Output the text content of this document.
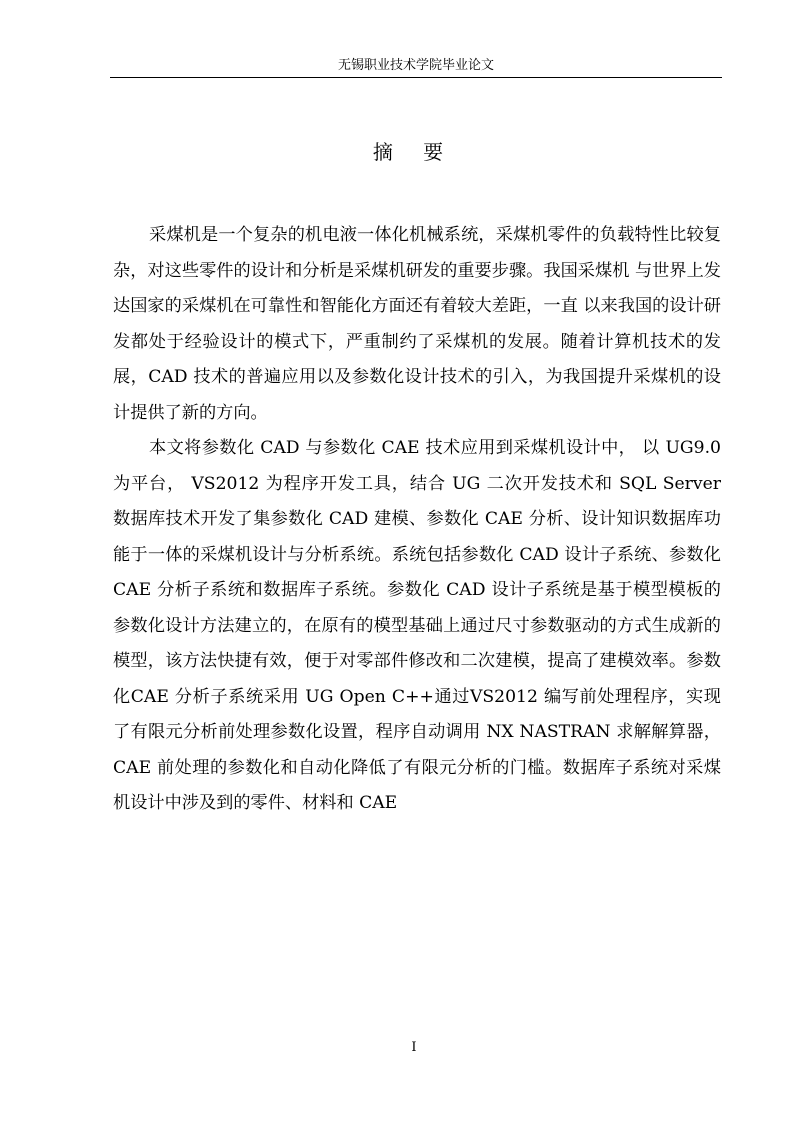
无锡职业技术学院毕业论文
摘 要

采煤机是一个复杂的机电液一体化机械系统，采煤机零件的负载特性比较复杂，对这些零件的设计和分析是采煤机研发的重要步骤。我国采煤机 与世界上发达国家的采煤机在可靠性和智能化方面还有着较大差距，一直 以来我国的设计研发都处于经验设计的模式下，严重制约了采煤机的发展。随着计算机技术的发展，CAD 技术的普遍应用以及参数化设计技术的引入，为我国提升采煤机的设计提供了新的方向。

本文将参数化 CAD 与参数化 CAE 技术应用到采煤机设计中， 以 UG9.0 为平台， VS2012 为程序开发工具，结合 UG 二次开发技术和 SQL Server 数据库技术开发了集参数化 CAD 建模、参数化 CAE 分析、设计知识数据库功能于一体的采煤机设计与分析系统。系统包括参数化 CAD 设计子系统、参数化 CAE 分析子系统和数据库子系统。参数化 CAD 设计子系统是基于模型模板的参数化设计方法建立的，在原有的模型基础上通过尺寸参数驱动的方式生成新的模型，该方法快捷有效，便于对零部件修改和二次建模，提高了建模效率。参数化CAE 分析子系统采用 UG Open C++通过VS2012 编写前处理程序，实现了有限元分析前处理参数化设置，程序自动调用 NX NASTRAN 求解解算器，CAE 前处理的参数化和自动化降低了有限元分析的门槛。数据库子系统对采煤机设计中涉及到的零件、材料和 CAE

I
